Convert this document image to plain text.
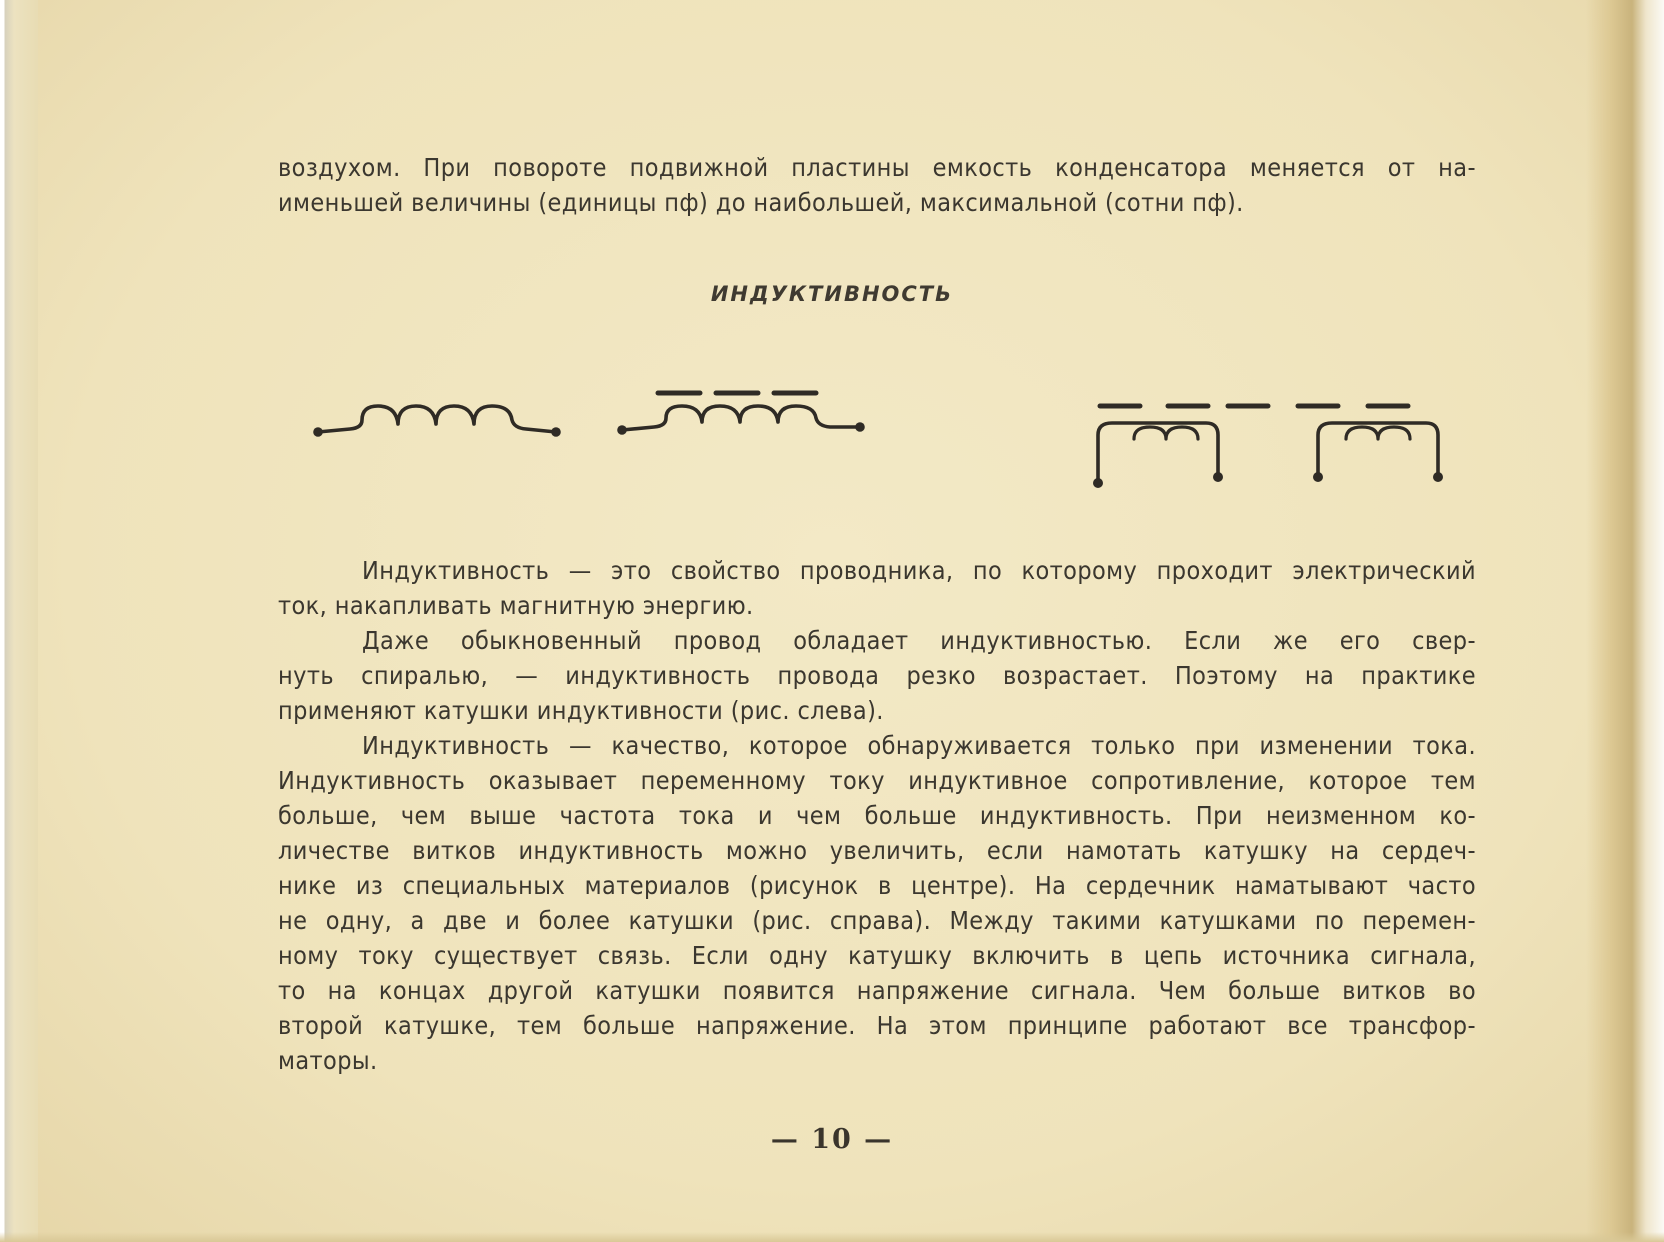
воздухом. При повороте подвижной пластины емкость конденсатора меняется от на-
именьшей величины (единицы пф) до наибольшей, максимальной (сотни пф).
ИНДУКТИВНОСТЬ
Индуктивность — это свойство проводника, по которому проходит электрический
ток, накапливать магнитную энергию.
Даже обыкновенный провод обладает индуктивностью. Если же его свер-
нуть спиралью, — индуктивность провода резко возрастает. Поэтому на практике
применяют катушки индуктивности (рис. слева).
Индуктивность — качество, которое обнаруживается только при изменении тока.
Индуктивность оказывает переменному току индуктивное сопротивление, которое тем
больше, чем выше частота тока и чем больше индуктивность. При неизменном ко-
личестве витков индуктивность можно увеличить, если намотать катушку на сердеч-
нике из специальных материалов (рисунок в центре). На сердечник наматывают часто
не одну, а две и более катушки (рис. справа). Между такими катушками по перемен-
ному току существует связь. Если одну катушку включить в цепь источника сигнала,
то на концах другой катушки появится напряжение сигнала. Чем больше витков во
второй катушке, тем больше напряжение. На этом принципе работают все трансфор-
маторы.
— 10 —
